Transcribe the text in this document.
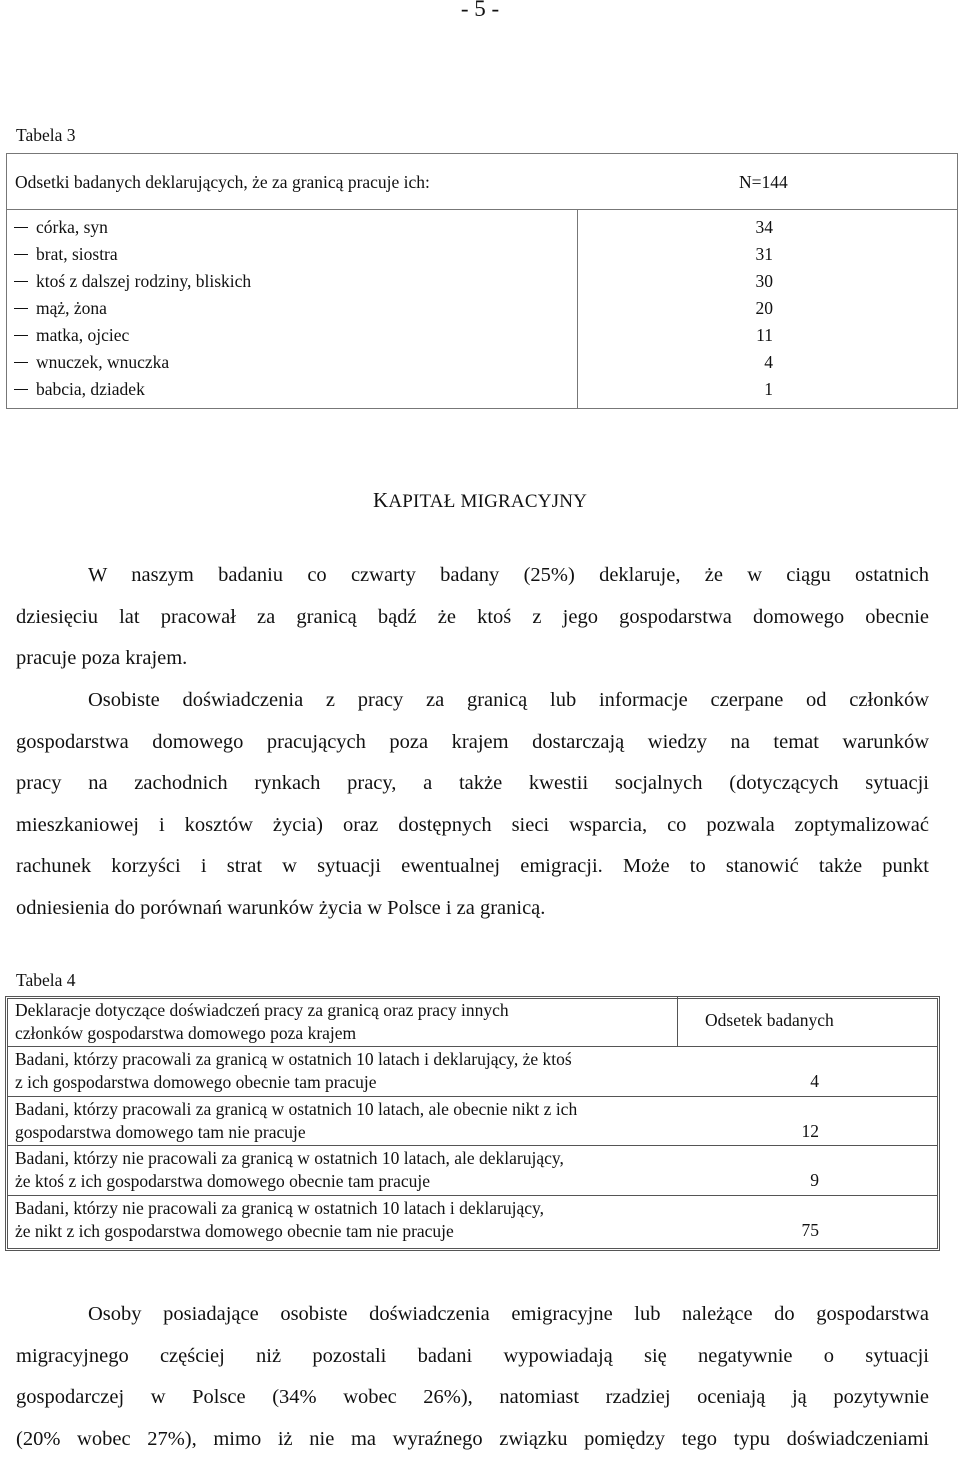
- 5 -
Tabela 3
Odsetki badanych deklarujących, że za granicą pracuje ich:	N=144
córka, syn	34
brat, siostra	31
ktoś z dalszej rodziny, bliskich	30
mąż, żona	20
matka, ojciec	11
wnuczek, wnuczka	4
babcia, dziadek	1
KAPITAŁ MIGRACYJNY
W naszym badaniu co czwarty badany (25%) deklaruje, że w ciągu ostatnich
dziesięciu lat pracował za granicą bądź że ktoś z jego gospodarstwa domowego obecnie
pracuje poza krajem.
Osobiste doświadczenia z pracy za granicą lub informacje czerpane od członków
gospodarstwa domowego pracujących poza krajem dostarczają wiedzy na temat warunków
pracy na zachodnich rynkach pracy, a także kwestii socjalnych (dotyczących sytuacji
mieszkaniowej i kosztów życia) oraz dostępnych sieci wsparcia, co pozwala zoptymalizować
rachunek korzyści i strat w sytuacji ewentualnej emigracji. Może to stanowić także punkt
odniesienia do porównań warunków życia w Polsce i za granicą.
Tabela 4
Deklaracje dotyczące doświadczeń pracy za granicą oraz pracy innych
członków gospodarstwa domowego poza krajem
Odsetek badanych
Badani, którzy pracowali za granicą w ostatnich 10 latach i deklarujący, że ktoś
z ich gospodarstwa domowego obecnie tam pracuje	4
Badani, którzy pracowali za granicą w ostatnich 10 latach, ale obecnie nikt z ich
gospodarstwa domowego tam nie pracuje	12
Badani, którzy nie pracowali za granicą w ostatnich 10 latach, ale deklarujący,
że ktoś z ich gospodarstwa domowego obecnie tam pracuje	9
Badani, którzy nie pracowali za granicą w ostatnich 10 latach i deklarujący,
że nikt z ich gospodarstwa domowego obecnie tam nie pracuje	75
Osoby posiadające osobiste doświadczenia emigracyjne lub należące do gospodarstwa
migracyjnego częściej niż pozostali badani wypowiadają się negatywnie o sytuacji
gospodarczej w Polsce (34% wobec 26%), natomiast rzadziej oceniają ją pozytywnie
(20% wobec 27%), mimo iż nie ma wyraźnego związku pomiędzy tego typu doświadczeniami
